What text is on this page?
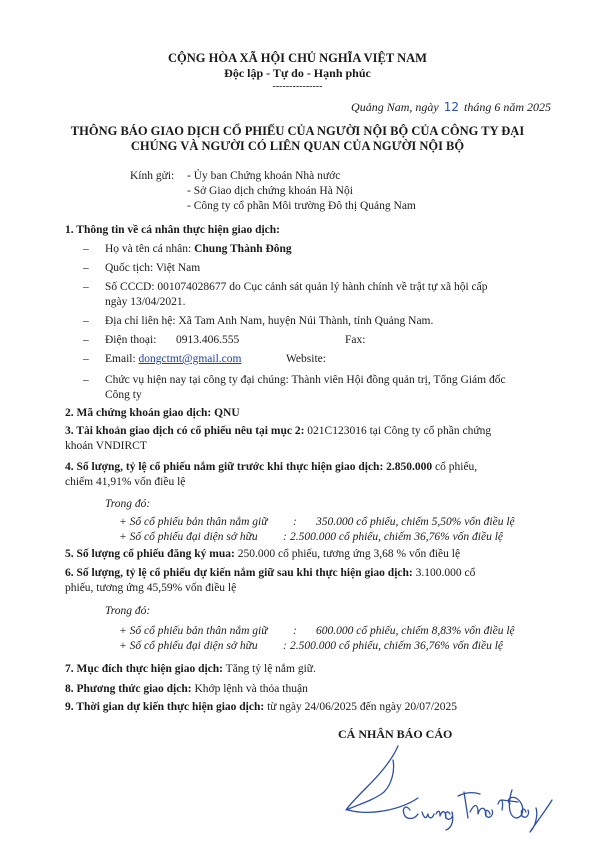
CỘNG HÒA XÃ HỘI CHỦ NGHĨA VIỆT NAM
Độc lập - Tự do - Hạnh phúc
---------------
Quảng Nam, ngày 12 tháng 6 năm 2025
THÔNG BÁO GIAO DỊCH CỔ PHIẾU CỦA NGƯỜI NỘI BỘ CỦA CÔNG TY ĐẠI
CHÚNG VÀ NGƯỜI CÓ LIÊN QUAN CỦA NGƯỜI NỘI BỘ
Kính gửi: - Ủy ban Chứng khoán Nhà nước
- Sở Giao dịch chứng khoán Hà Nội
- Công ty cổ phần Môi trường Đô thị Quảng Nam
1. Thông tin về cá nhân thực hiện giao dịch:
– Họ và tên cá nhân: Chung Thành Đông
– Quốc tịch: Việt Nam
– Số CCCD: 001074028677 do Cục cảnh sát quản lý hành chính về trật tự xã hội cấp
ngày 13/04/2021.
– Địa chỉ liên hệ: Xã Tam Anh Nam, huyện Núi Thành, tỉnh Quảng Nam.
– Điện thoại: 0913.406.555	Fax:
– Email: dongctmt@gmail.com	Website:
– Chức vụ hiện nay tại công ty đại chúng: Thành viên Hội đồng quản trị, Tổng Giám đốc
Công ty
2. Mã chứng khoán giao dịch: QNU
3. Tài khoản giao dịch có cổ phiếu nêu tại mục 2: 021C123016 tại Công ty cổ phần chứng
khoán VNDIRCT
4. Số lượng, tỷ lệ cổ phiếu nắm giữ trước khi thực hiện giao dịch: 2.850.000 cổ phiếu,
chiếm 41,91% vốn điều lệ
Trong đó:
+ Số cổ phiếu bản thân nắm giữ : 350.000 cổ phiếu, chiếm 5,50% vốn điều lệ
+ Số cổ phiếu đại diện sở hữu : 2.500.000 cổ phiếu, chiếm 36,76% vốn điều lệ
5. Số lượng cổ phiếu đăng ký mua: 250.000 cổ phiếu, tương ứng 3,68 % vốn điều lệ
6. Số lượng, tỷ lệ cổ phiếu dự kiến nắm giữ sau khi thực hiện giao dịch: 3.100.000 cổ
phiếu, tương ứng 45,59% vốn điều lệ
Trong đó:
+ Số cổ phiếu bản thân nắm giữ : 600.000 cổ phiếu, chiếm 8,83% vốn điều lệ
+ Số cổ phiếu đại diện sở hữu : 2.500.000 cổ phiếu, chiếm 36,76% vốn điều lệ
7. Mục đích thực hiện giao dịch: Tăng tỷ lệ nắm giữ.
8. Phương thức giao dịch: Khớp lệnh và thỏa thuận
9. Thời gian dự kiến thực hiện giao dịch: từ ngày 24/06/2025 đến ngày 20/07/2025
CÁ NHÂN BÁO CÁO
